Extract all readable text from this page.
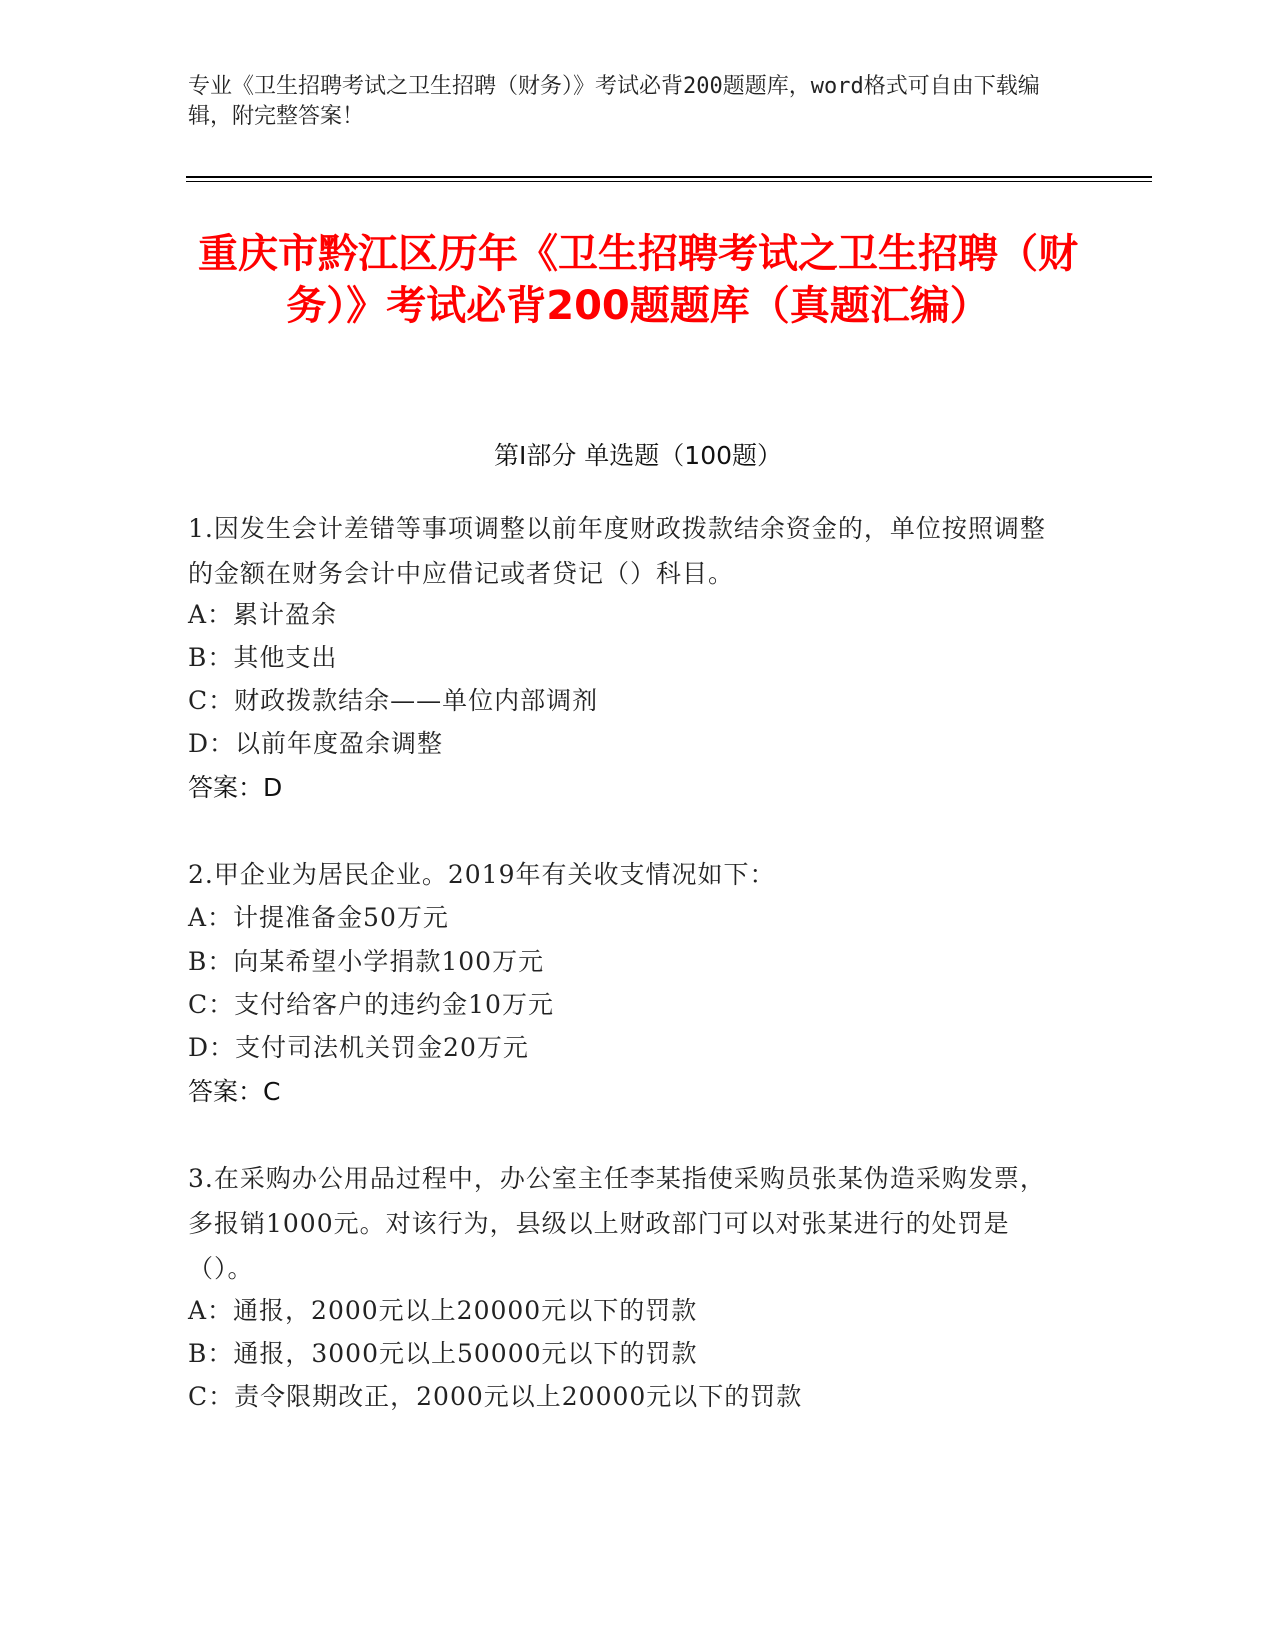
专业《卫生招聘考试之卫生招聘（财务）》考试必背200题题库，word格式可自由下载编辑，附完整答案！
重庆市黔江区历年《卫生招聘考试之卫生招聘（财务）》考试必背200题题库（真题汇编）
第I部分 单选题（100题）
1.因发生会计差错等事项调整以前年度财政拨款结余资金的，单位按照调整的金额在财务会计中应借记或者贷记（）科目。
A：累计盈余
B：其他支出
C：财政拨款结余——单位内部调剂
D：以前年度盈余调整
答案：D
2.甲企业为居民企业。2019年有关收支情况如下：
A：计提准备金50万元
B：向某希望小学捐款100万元
C：支付给客户的违约金10万元
D：支付司法机关罚金20万元
答案：C
3.在采购办公用品过程中，办公室主任李某指使采购员张某伪造采购发票，多报销1000元。对该行为，县级以上财政部门可以对张某进行的处罚是（）。
A：通报，2000元以上20000元以下的罚款
B：通报，3000元以上50000元以下的罚款
C：责令限期改正，2000元以上20000元以下的罚款
